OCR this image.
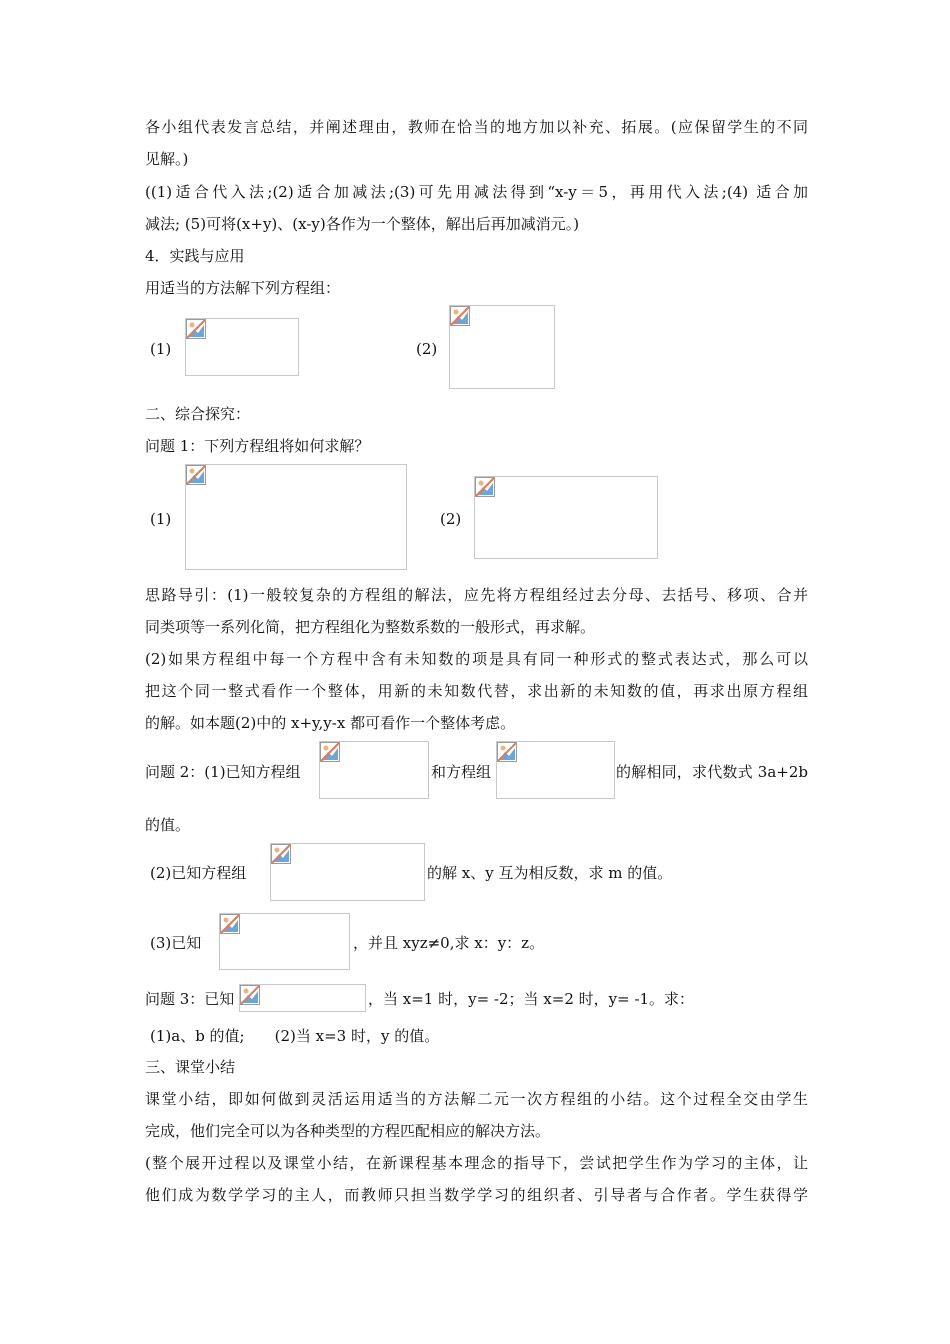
各小组代表发言总结，并阐述理由，教师在恰当的地方加以补充、拓展。(应保留学生的不同
见解。)
((1)适合代入法;(2)适合加减法;(3)可先用减法得到“x-y＝5，再用代入法;(4) 适合加
减法; (5)可将(x+y)、(x-y)各作为一个整体，解出后再加减消元。)
4．实践与应用
用适当的方法解下列方程组：
(1)	(2)
二、综合探究：
问题 1：下列方程组将如何求解？
(1)	(2)
思路导引：(1)一般较复杂的方程组的解法，应先将方程组经过去分母、去括号、移项、合并
同类项等一系列化简，把方程组化为整数系数的一般形式，再求解。
(2)如果方程组中每一个方程中含有未知数的项是具有同一种形式的整式表达式，那么可以
把这个同一整式看作一个整体，用新的未知数代替，求出新的未知数的值，再求出原方程组
的解。如本题(2)中的 x+y,y-x 都可看作一个整体考虑。
问题 2：(1)已知方程组	和方程组	的解相同，求代数式 3a+2b
的值。
(2)已知方程组	的解 x、y 互为相反数，求 m 的值。
(3)已知	，并且 xyz≠0,求 x：y：z。
问题 3：已知	，当 x=1 时，y= -2；当 x=2 时，y= -1。求：
(1)a、b 的值;　　(2)当 x=3 时，y 的值。
三、课堂小结
课堂小结，即如何做到灵活运用适当的方法解二元一次方程组的小结。这个过程全交由学生
完成，他们完全可以为各种类型的方程匹配相应的解决方法。
(整个展开过程以及课堂小结，在新课程基本理念的指导下，尝试把学生作为学习的主体，让
他们成为数学学习的主人，而教师只担当数学学习的组织者、引导者与合作者。学生获得学
